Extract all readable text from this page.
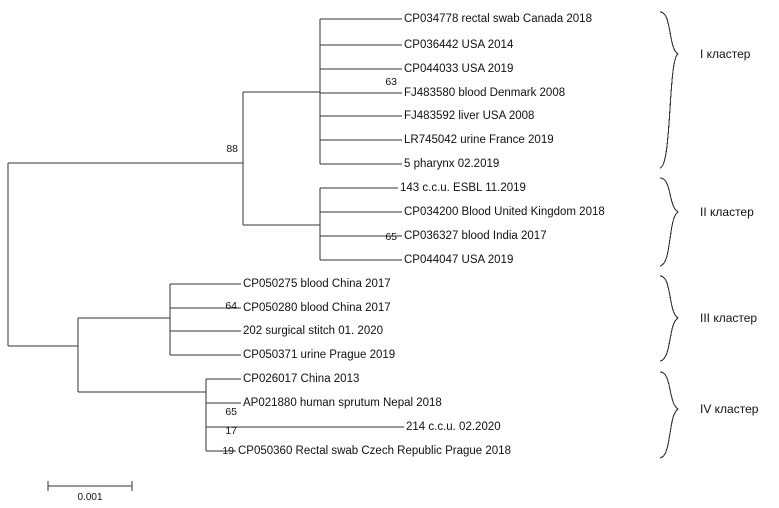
CP034778 rectal swab Canada 2018
CP036442 USA 2014
CP044033 USA 2019
FJ483580 blood Denmark 2008
FJ483592 liver USA 2008
LR745042 urine France 2019
5 pharynx 02.2019
143 c.c.u. ESBL 11.2019
CP034200 Blood United Kingdom 2018
CP036327 blood India 2017
CP044047 USA 2019
CP050275 blood China 2017
CP050280 blood China 2017
202 surgical stitch 01. 2020
CP050371 urine Prague 2019
CP026017 China 2013
AP021880 human sprutum Nepal 2018
214 c.c.u. 02.2020
CP050360 Rectal swab Czech Republic Prague 2018
63
88
65
64
65
17
19
I кластер
II кластер
III кластер
IV кластер
0.001
